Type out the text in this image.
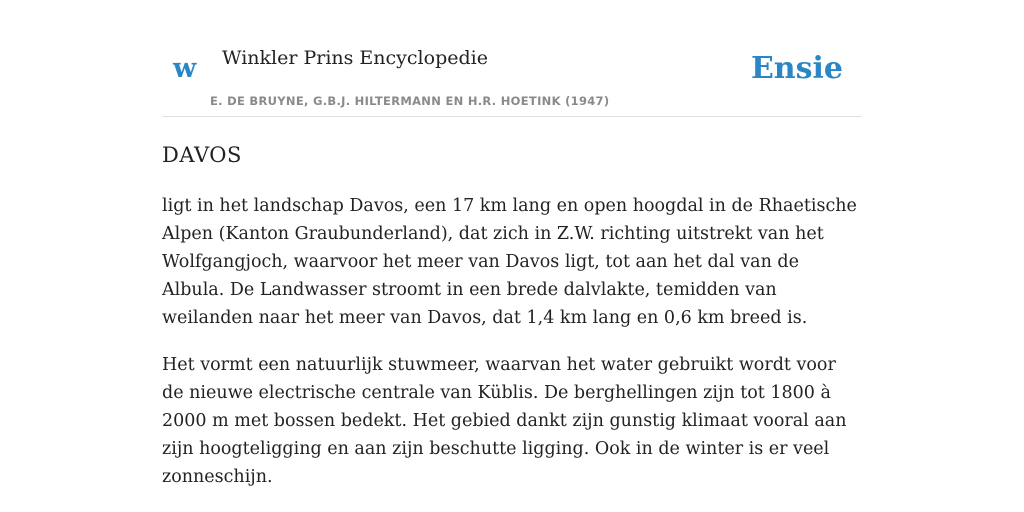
w Winkler Prins Encyclopedie
E. DE BRUYNE, G.B.J. HILTERMANN EN H.R. HOETINK (1947)
Ensie
DAVOS

ligt in het landschap Davos, een 17 km lang en open hoogdal in de Rhaetische Alpen (Kanton Graubunderland), dat zich in Z.W. richting uitstrekt van het Wolfgangjoch, waarvoor het meer van Davos ligt, tot aan het dal van de Albula. De Landwasser stroomt in een brede dalvlakte, temidden van weilanden naar het meer van Davos, dat 1,4 km lang en 0,6 km breed is.

Het vormt een natuurlijk stuwmeer, waarvan het water gebruikt wordt voor de nieuwe electrische centrale van Küblis. De berghellingen zijn tot 1800 à 2000 m met bossen bedekt. Het gebied dankt zijn gunstig klimaat vooral aan zijn hoogteligging en aan zijn beschutte ligging. Ook in de winter is er veel zonneschijn.
